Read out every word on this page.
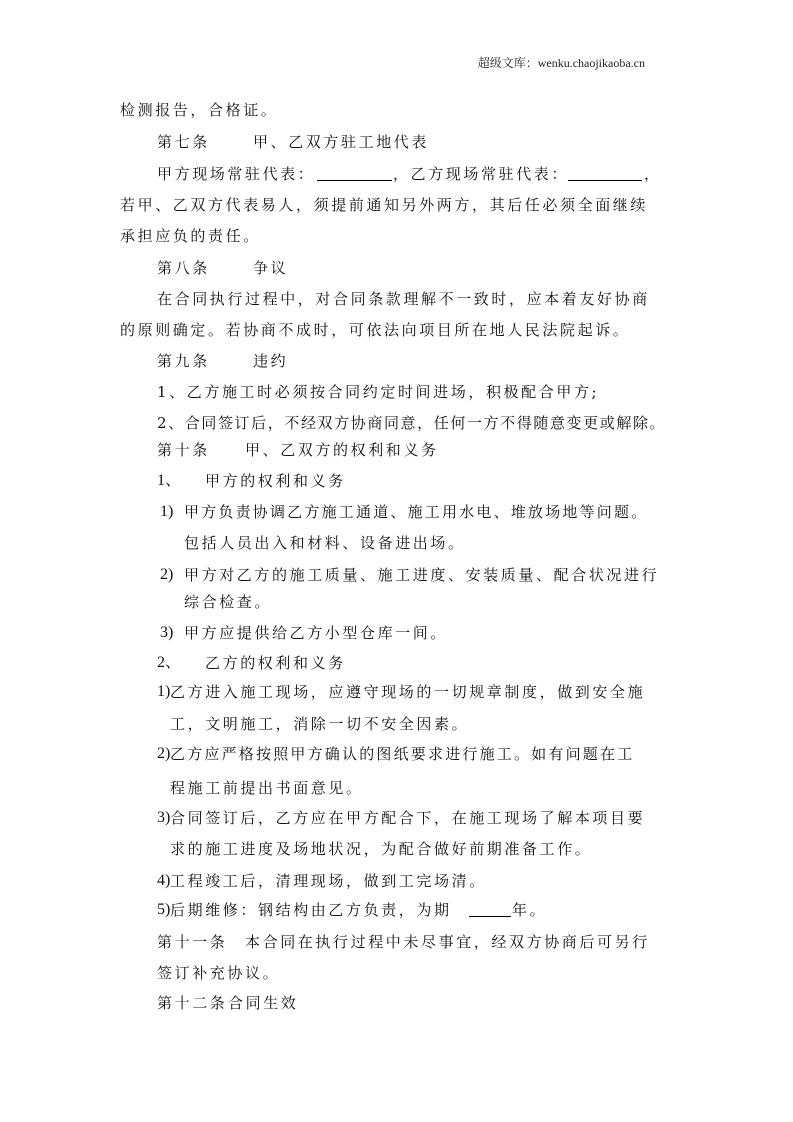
超级文库：wenku.chaojikaoba.cn
检测报告，合格证。
第七条	甲、乙双方驻工地代表
甲方现场常驻代表：	，乙方现场常驻代表：	，
若甲、乙双方代表易人，须提前通知另外两方，其后任必须全面继续
承担应负的责任。
第八条	争议
在合同执行过程中，对合同条款理解不一致时，应本着友好协商
的原则确定。若协商不成时，可依法向项目所在地人民法院起诉。
第九条	违约
1、乙方施工时必须按合同约定时间进场，积极配合甲方;
2、合同签订后，不经双方协商同意，任何一方不得随意变更或解除。
第十条 甲、乙双方的权利和义务
1、 甲方的权利和义务
1) 甲方负责协调乙方施工通道、施工用水电、堆放场地等问题。
包括人员出入和材料、设备进出场。
2) 甲方对乙方的施工质量、施工进度、安装质量、配合状况进行
综合检查。
3) 甲方应提供给乙方小型仓库一间。
2、 乙方的权利和义务
1) 乙方进入施工现场，应遵守现场的一切规章制度，做到安全施
工，文明施工，消除一切不安全因素。
2) 乙方应严格按照甲方确认的图纸要求进行施工。如有问题在工
程施工前提出书面意见。
3) 合同签订后，乙方应在甲方配合下，在施工现场了解本项目要
求的施工进度及场地状况，为配合做好前期准备工作。
4) 工程竣工后，清理现场，做到工完场清。
5) 后期维修：钢结构由乙方负责，为期	年。
第十一条　本合同在执行过程中未尽事宜，经双方协商后可另行
签订补充协议。
第十二条 合同生效
